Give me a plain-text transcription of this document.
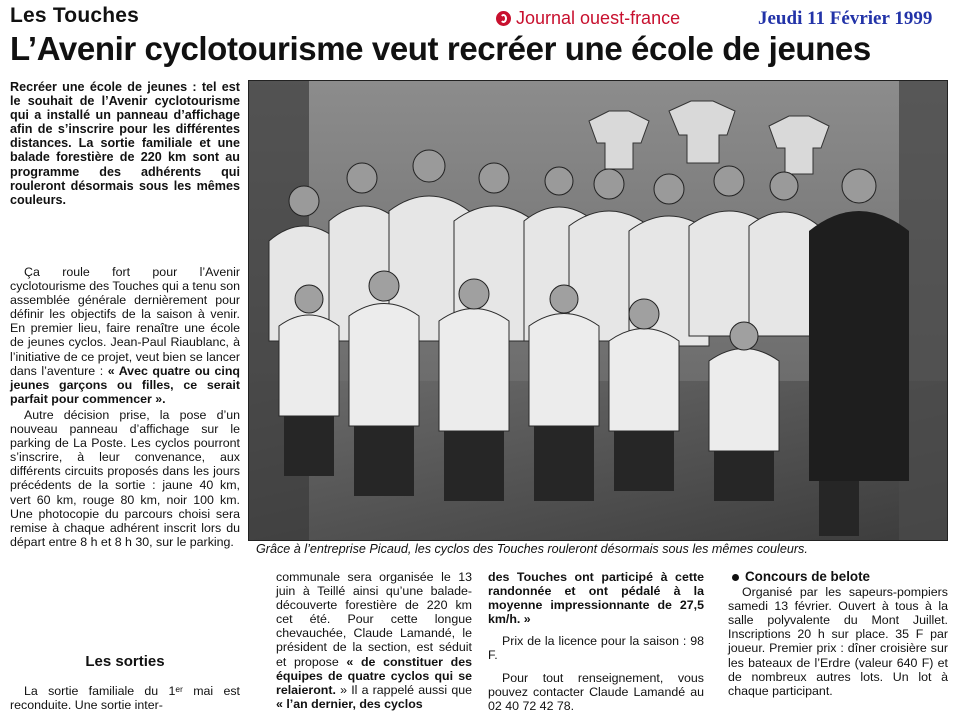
Les Touches	Journal ouest-france	Jeudi 11 Février 1999
L’Avenir cyclotourisme veut recréer une école de jeunes
Recréer une école de jeunes : tel est le souhait de l’Avenir cyclotourisme qui a installé un panneau d’affichage afin de s’inscrire pour les différentes distances. La sortie familiale et une balade forestière de 220 km sont au programme des adhérents qui rouleront désormais sous les mêmes couleurs.

Ça roule fort pour l’Avenir cyclotourisme des Touches qui a tenu son assemblée générale dernièrement pour définir les objectifs de la saison à venir. En premier lieu, faire renaître une école de jeunes cyclos. Jean-Paul Riaublanc, à l’initiative de ce projet, veut bien se lancer dans l’aventure : « Avec quatre ou cinq jeunes garçons ou filles, ce serait parfait pour commencer ».

Autre décision prise, la pose d’un nouveau panneau d’affichage sur le parking de La Poste. Les cyclos pourront s’inscrire, à leur convenance, aux différents circuits proposés dans les jours précédents de la sortie : jaune 40 km, vert 60 km, rouge 80 km, noir 100 km. Une photocopie du parcours choisi sera remise à chaque adhérent inscrit lors du départ entre 8 h et 8 h 30, sur le parking.

Les sorties

La sortie familiale du 1ᵉʳ mai est reconduite. Une sortie inter-

Grâce à l’entreprise Picaud, les cyclos des Touches rouleront désormais sous les mêmes couleurs.

communale sera organisée le 13 juin à Teillé ainsi qu’une balade-découverte forestière de 220 km cet été. Pour cette longue chevauchée, Claude Lamandé, le président de la section, est séduit et propose « de constituer des équipes de quatre cyclos qui se relaieront. » Il a rappelé aussi que « l’an dernier, des cyclos

des Touches ont participé à cette randonnée et ont pédalé à la moyenne impressionnante de 27,5 km/h. »

Prix de la licence pour la saison : 98 F.

Pour tout renseignement, vous pouvez contacter Claude Lamandé au 02 40 72 42 78.

Concours de belote

Organisé par les sapeurs-pompiers samedi 13 février. Ouvert à tous à la salle polyvalente du Mont Juillet. Inscriptions 20 h sur place. 35 F par joueur. Premier prix : dîner croisière sur les bateaux de l’Erdre (valeur 640 F) et de nombreux autres lots. Un lot à chaque participant.
